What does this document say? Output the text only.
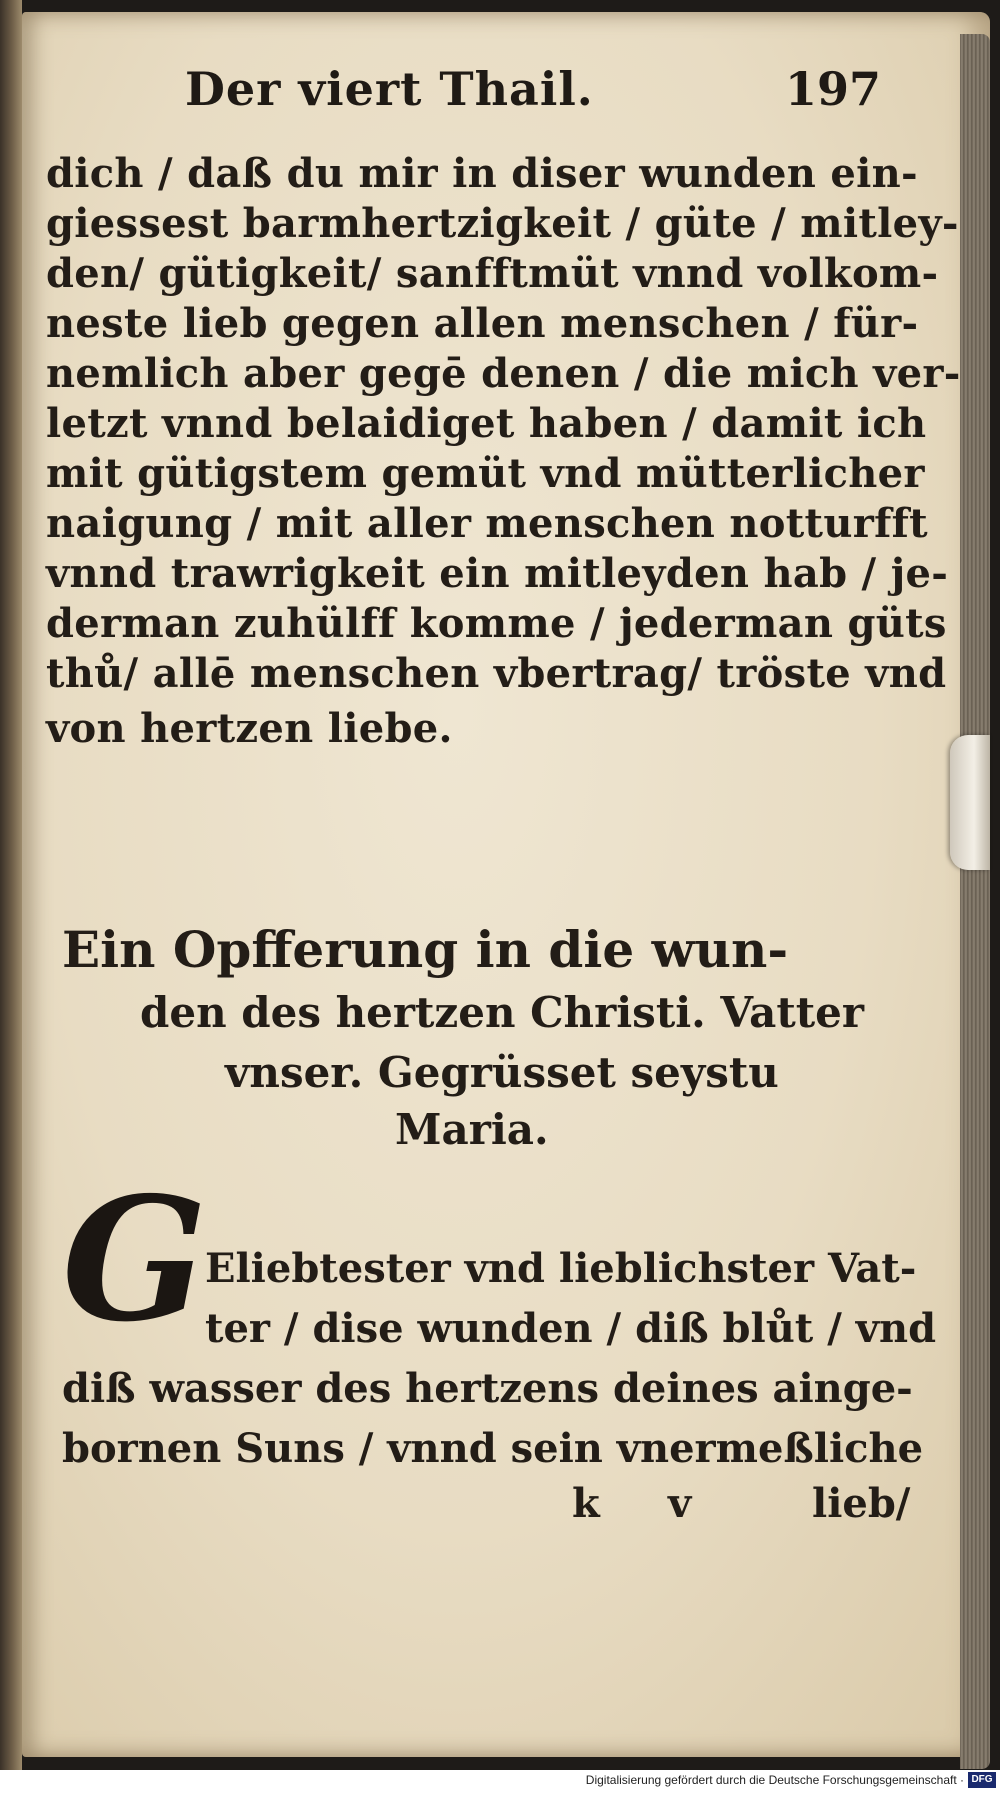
Der viert Thail.	197
dich / daß du mir in diser wunden ein-
giessest barmhertzigkeit / güte / mitley-
den/ gütigkeit/ sanfftmüt vnnd volkom-
neste lieb gegen allen menschen / für-
nemlich aber gegē denen / die mich ver-
letzt vnnd belaidiget haben / damit ich
mit gütigstem gemüt vnd mütterlicher
naigung / mit aller menschen notturfft
vnnd trawrigkeit ein mitleyden hab / je-
derman zuhülff komme / jederman güts
thů/ allē menschen vbertrag/ tröste vnd
von hertzen liebe.
Ein Opfferung in die wun-
den des hertzen Christi. Vatter
vnser. Gegrüsset seystu
Maria.
G
Eliebtester vnd lieblichster Vat-
ter / dise wunden / diß blůt / vnd
diß wasser des hertzens deines ainge-
bornen Suns / vnnd sein vnermeßliche
k v	lieb/
Digitalisierung gefördert durch die Deutsche Forschungsgemeinschaft · DFG
